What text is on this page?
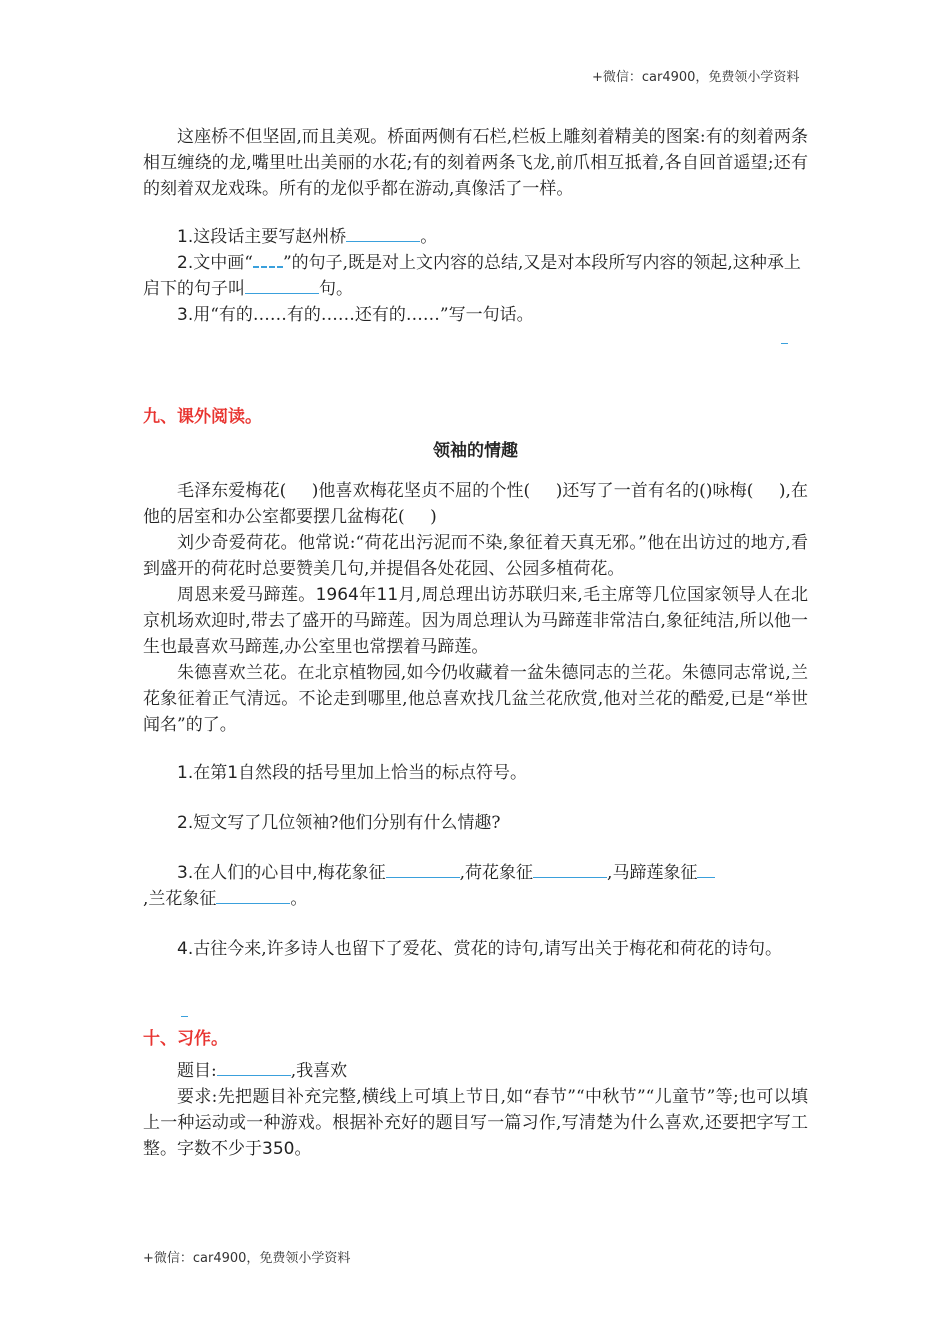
+微信：car4900，免费领小学资料

这座桥不但坚固,而且美观。桥面两侧有石栏,栏板上雕刻着精美的图案:有的刻着两条相互缠绕的龙,嘴里吐出美丽的水花;有的刻着两条飞龙,前爪相互抵着,各自回首遥望;还有的刻着双龙戏珠。所有的龙似乎都在游动,真像活了一样。

1.这段话主要写赵州桥	。

2.文中画“ ”的句子,既是对上文内容的总结,又是对本段所写内容的领起,这种承上启下的句子叫	句。

3.用“有的……有的……还有的……”写一句话。

九、课外阅读。

领袖的情趣

毛泽东爱梅花(   )他喜欢梅花坚贞不屈的个性(   )还写了一首有名的()咏梅(   ),在他的居室和办公室都要摆几盆梅花(   )

刘少奇爱荷花。他常说:“荷花出污泥而不染,象征着天真无邪。”他在出访过的地方,看到盛开的荷花时总要赞美几句,并提倡各处花园、公园多植荷花。

周恩来爱马蹄莲。1964年11月,周总理出访苏联归来,毛主席等几位国家领导人在北京机场欢迎时,带去了盛开的马蹄莲。因为周总理认为马蹄莲非常洁白,象征纯洁,所以他一生也最喜欢马蹄莲,办公室里也常摆着马蹄莲。

朱德喜欢兰花。在北京植物园,如今仍收藏着一盆朱德同志的兰花。朱德同志常说,兰花象征着正气清远。不论走到哪里,他总喜欢找几盆兰花欣赏,他对兰花的酷爱,已是“举世闻名”的了。

1.在第1自然段的括号里加上恰当的标点符号。

2.短文写了几位领袖?他们分别有什么情趣?

3.在人们的心目中,梅花象征	,荷花象征	,马蹄莲象征
,兰花象征	。

4.古往今来,许多诗人也留下了爱花、赏花的诗句,请写出关于梅花和荷花的诗句。

十、习作。

题目:	,我喜欢

要求:先把题目补充完整,横线上可填上节日,如“春节”“中秋节”“儿童节”等;也可以填上一种运动或一种游戏。根据补充好的题目写一篇习作,写清楚为什么喜欢,还要把字写工整。字数不少于350。

+微信：car4900，免费领小学资料
